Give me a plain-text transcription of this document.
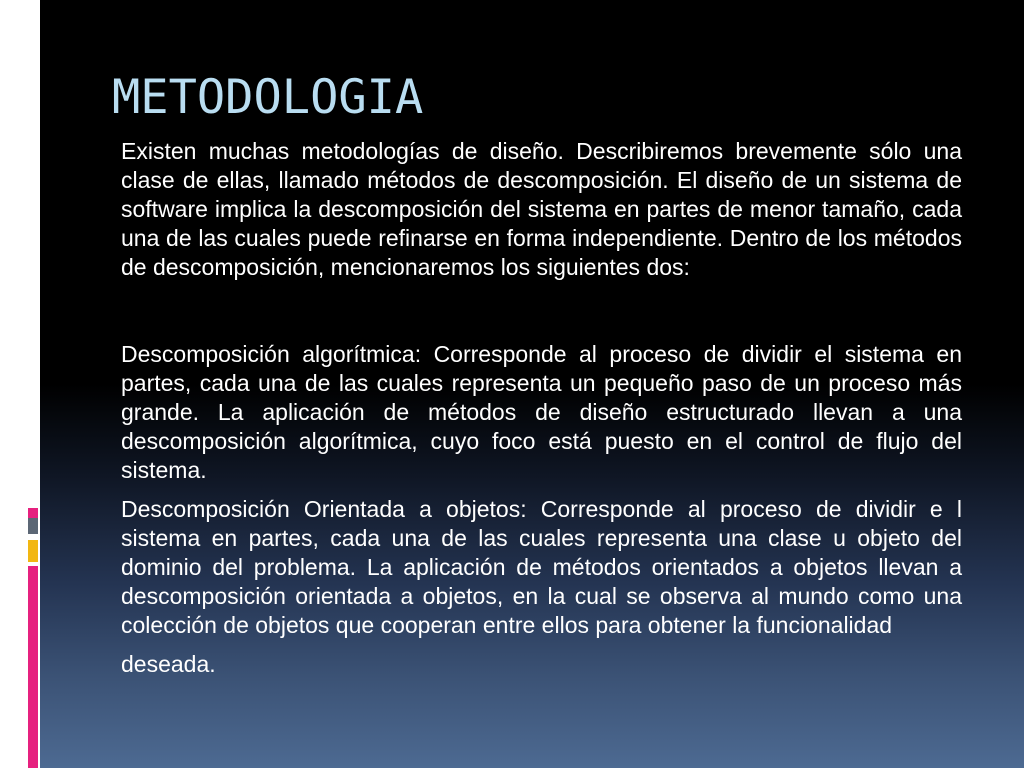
METODOLOGIA

Existen muchas metodologías de diseño. Describiremos brevemente sólo una clase de ellas, llamado métodos de descomposición. El diseño de un sistema de software implica la descomposición del sistema en partes de menor tamaño, cada una de las cuales puede refinarse en forma independiente. Dentro de los métodos de descomposición, mencionaremos los siguientes dos:

Descomposición algorítmica: Corresponde al proceso de dividir el sistema en partes, cada una de las cuales representa un pequeño paso de un proceso más grande. La aplicación de métodos de diseño estructurado llevan a una descomposición algorítmica, cuyo foco está puesto en el control de flujo del sistema.

Descomposición Orientada a objetos: Corresponde al proceso de dividir e l sistema en partes, cada una de las cuales representa una clase u objeto del dominio del problema. La aplicación de métodos orientados a objetos llevan a descomposición orientada a objetos, en la cual se observa al mundo como una colección de objetos que cooperan entre ellos para obtener la funcionalidad

deseada.
